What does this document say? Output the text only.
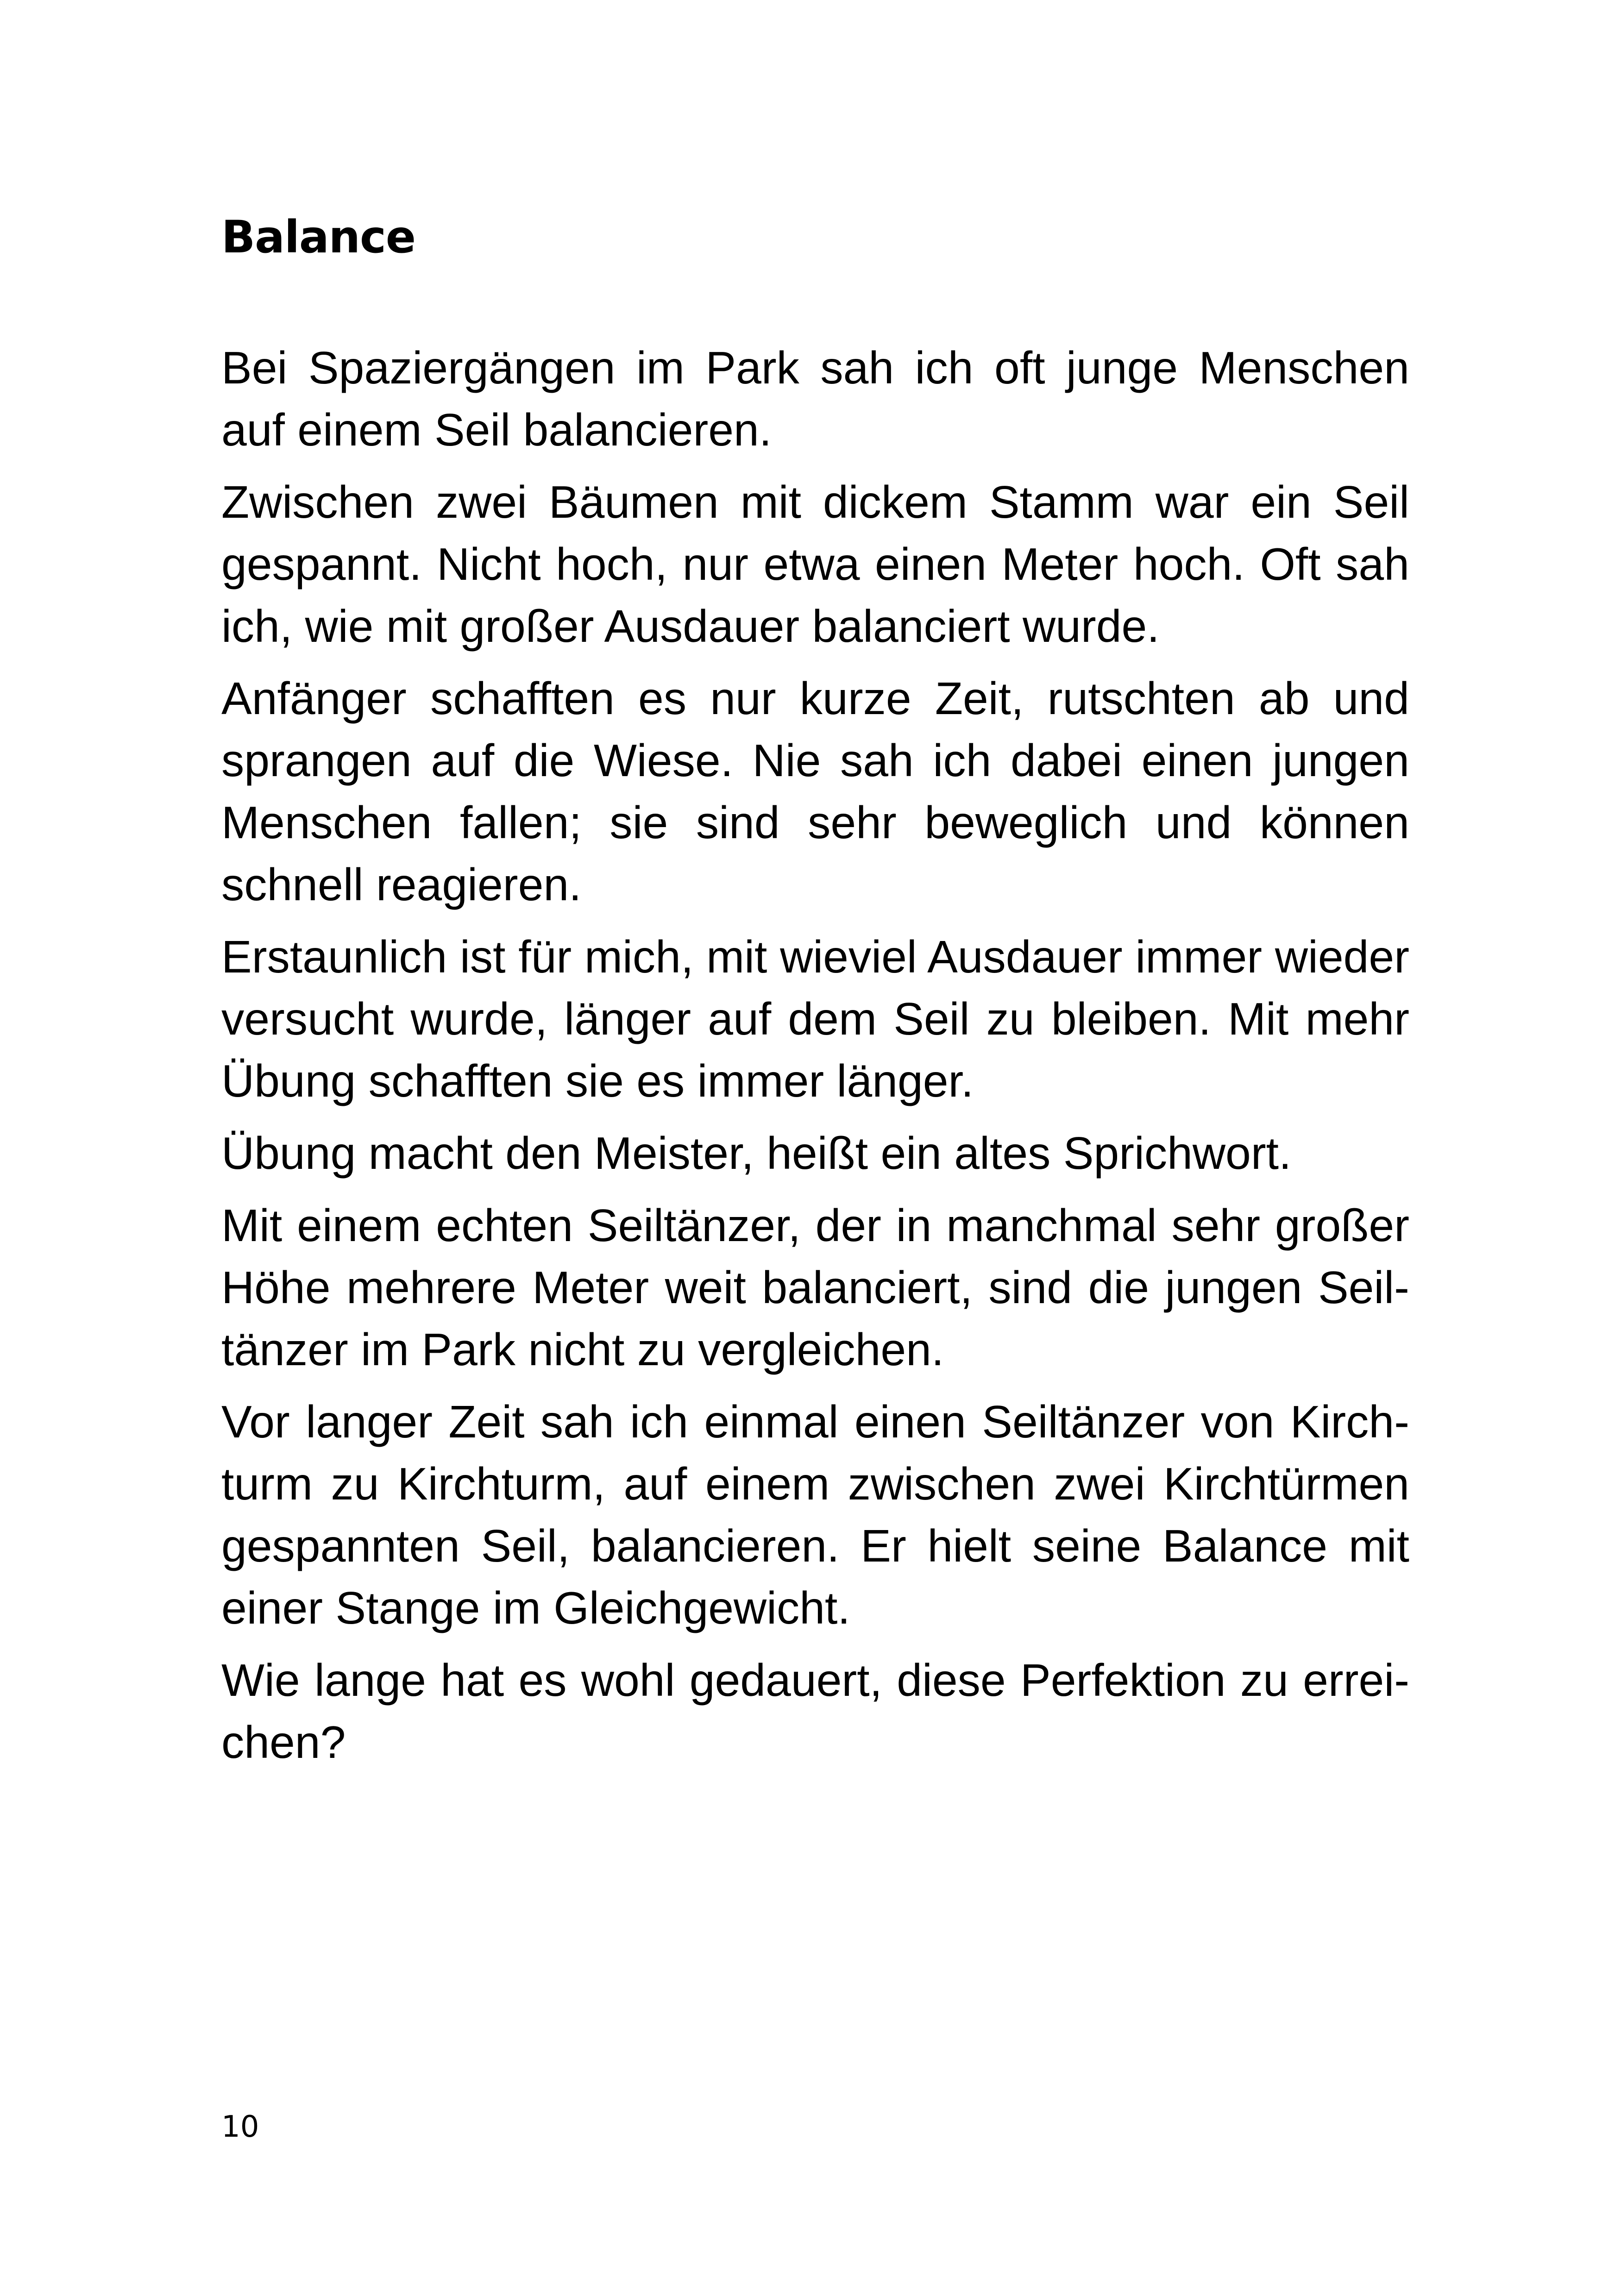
Balance

Bei Spaziergängen im Park sah ich oft junge Menschen
auf einem Seil balancieren.

Zwischen zwei Bäumen mit dickem Stamm war ein Seil
gespannt. Nicht hoch, nur etwa einen Meter hoch. Oft sah
ich, wie mit großer Ausdauer balanciert wurde.

Anfänger schafften es nur kurze Zeit, rutschten ab und
sprangen auf die Wiese. Nie sah ich dabei einen jungen
Menschen fallen; sie sind sehr beweglich und können
schnell reagieren.

Erstaunlich ist für mich, mit wieviel Ausdauer immer wieder
versucht wurde, länger auf dem Seil zu bleiben. Mit mehr
Übung schafften sie es immer länger.

Übung macht den Meister, heißt ein altes Sprichwort.

Mit einem echten Seiltänzer, der in manchmal sehr großer
Höhe mehrere Meter weit balanciert, sind die jungen Seil-
tänzer im Park nicht zu vergleichen.

Vor langer Zeit sah ich einmal einen Seiltänzer von Kirch-
turm zu Kirchturm, auf einem zwischen zwei Kirchtürmen
gespannten Seil, balancieren. Er hielt seine Balance mit
einer Stange im Gleichgewicht.

Wie lange hat es wohl gedauert, diese Perfektion zu errei-
chen?

10
